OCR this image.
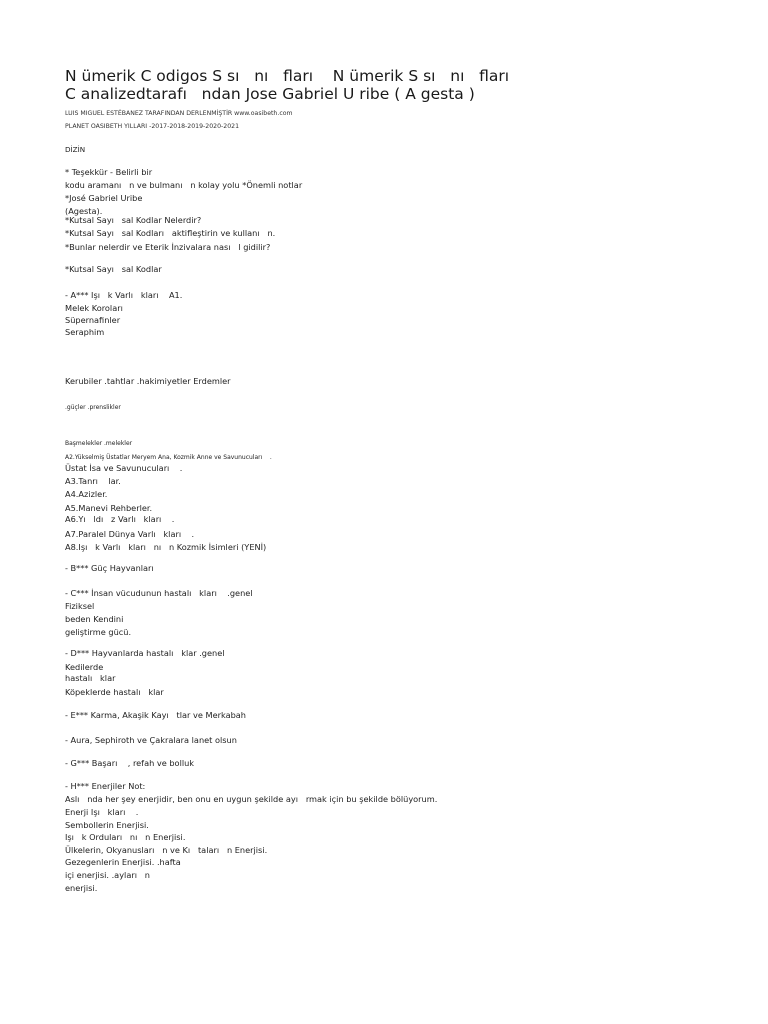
N ümerik C odigos S sı   nı   fları    N ümerik S sı   nı   fları
C analizedtarafı   ndan Jose Gabriel U ribe ( A gesta )
LUIS MIGUEL ESTÉBANEZ TARAFINDAN DERLENMİŞTİR www.oasibeth.com
PLANET OASIBETH YILLARI -2017-2018-2019-2020-2021
DİZİN
* Teşekkür - Belirli bir
kodu aramanı   n ve bulmanı   n kolay yolu *Önemli notlar
*José Gabriel Uribe
(Agesta).
*Kutsal Sayı   sal Kodlar Nelerdir?
*Kutsal Sayı   sal Kodları   aktifleştirin ve kullanı   n.
*Bunlar nelerdir ve Eterik İnzivalara nası   l gidilir?
*Kutsal Sayı   sal Kodlar
- A*** Işı   k Varlı   kları    A1.
Melek Koroları
Süpernafinler
Seraphim
Kerubiler .tahtlar .hakimiyetler Erdemler
.güçler .prenslikler
Başmelekler .melekler
A2.Yükselmiş Üstatlar Meryem Ana, Kozmik Anne ve Savunucuları    .
Üstat İsa ve Savunucuları    .
A3.Tanrı    lar.
A4.Azizler.
A5.Manevi Rehberler.
A6.Yı   ldı   z Varlı   kları    .
A7.Paralel Dünya Varlı   kları    .
A8.Işı   k Varlı   kları   nı   n Kozmik İsimleri (YENİ)
- B*** Güç Hayvanları
- C*** İnsan vücudunun hastalı   kları    .genel
Fiziksel
beden Kendini
geliştirme gücü.
- D*** Hayvanlarda hastalı   klar .genel
Kedilerde
hastalı   klar
Köpeklerde hastalı   klar
- E*** Karma, Akaşik Kayı   tlar ve Merkabah
- Aura, Sephiroth ve Çakralara lanet olsun
- G*** Başarı    , refah ve bolluk
- H*** Enerjiler Not:
Aslı   nda her şey enerjidir, ben onu en uygun şekilde ayı   rmak için bu şekilde bölüyorum.
Enerji Işı   kları    .
Sembollerin Enerjisi.
Işı   k Orduları   nı   n Enerjisi.
Ülkelerin, Okyanusları   n ve Kı   taları   n Enerjisi.
Gezegenlerin Enerjisi. .hafta
içi enerjisi. .ayları   n
enerjisi.
